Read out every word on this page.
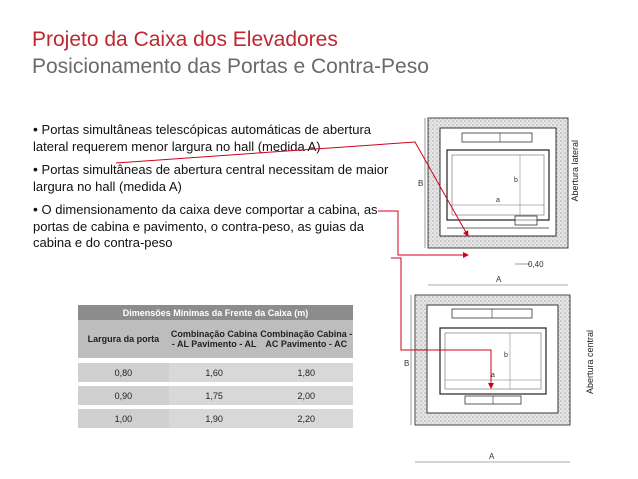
Projeto da Caixa dos Elevadores
Posicionamento das Portas e Contra-Peso
• Portas simultâneas telescópicas automáticas de abertura lateral requerem menor largura no hall (medida A)
• Portas simultâneas de abertura central necessitam de maior largura no hall (medida A)
• O dimensionamento da caixa deve comportar a cabina, as portas de cabina e pavimento, o contra-peso, as guias da cabina e do contra-peso
Dimensões Mínimas da Frente da Caixa (m)		
Largura da porta	Combinação Cabina - AL Pavimento - AL	Combinação Cabina - AC Pavimento - AC
0,80	1,60	1,80
0,90	1,75	2,00
1,00	1,90	2,20
B
A
a
b
0,40
B
A
a
b
Abertura lateral
Abertura central
